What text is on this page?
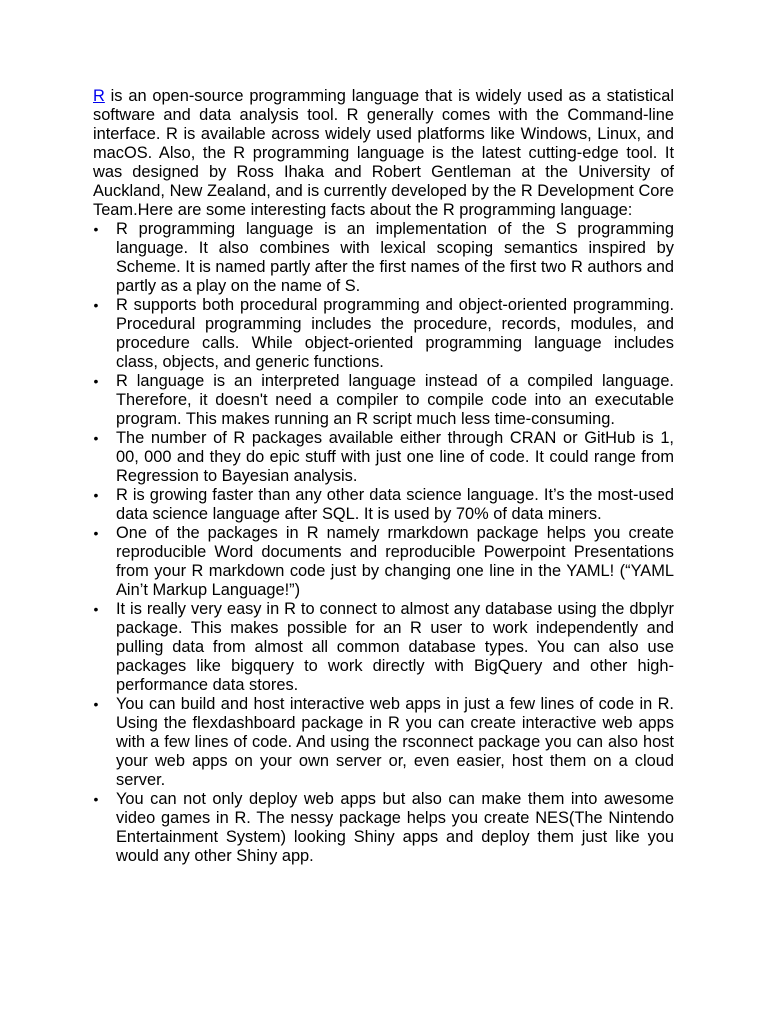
R is an open-source programming language that is widely used as a statistical software and data analysis tool. R generally comes with the Command-line interface. R is available across widely used platforms like Windows, Linux, and macOS. Also, the R programming language is the latest cutting-edge tool. It was designed by Ross Ihaka and Robert Gentleman at the University of Auckland, New Zealand, and is currently developed by the R Development Core Team.Here are some interesting facts about the R programming language:

• R programming language is an implementation of the S programming language. It also combines with lexical scoping semantics inspired by Scheme. It is named partly after the first names of the first two R authors and partly as a play on the name of S.
• R supports both procedural programming and object-oriented programming. Procedural programming includes the procedure, records, modules, and procedure calls. While object-oriented programming language includes class, objects, and generic functions.
• R language is an interpreted language instead of a compiled language. Therefore, it doesn't need a compiler to compile code into an executable program. This makes running an R script much less time-consuming.
• The number of R packages available either through CRAN or GitHub is 1, 00, 000 and they do epic stuff with just one line of code. It could range from Regression to Bayesian analysis.
• R is growing faster than any other data science language. It’s the most-used data science language after SQL. It is used by 70% of data miners.
• One of the packages in R namely rmarkdown package helps you create reproducible Word documents and reproducible Powerpoint Presentations from your R markdown code just by changing one line in the YAML! (“YAML Ain’t Markup Language!”)
• It is really very easy in R to connect to almost any database using the dbplyr package. This makes possible for an R user to work independently and pulling data from almost all common database types. You can also use packages like bigquery to work directly with BigQuery and other high-performance data stores.
• You can build and host interactive web apps in just a few lines of code in R. Using the flexdashboard package in R you can create interactive web apps with a few lines of code. And using the rsconnect package you can also host your web apps on your own server or, even easier, host them on a cloud server.
• You can not only deploy web apps but also can make them into awesome video games in R. The nessy package helps you create NES(The Nintendo Entertainment System) looking Shiny apps and deploy them just like you would any other Shiny app.
